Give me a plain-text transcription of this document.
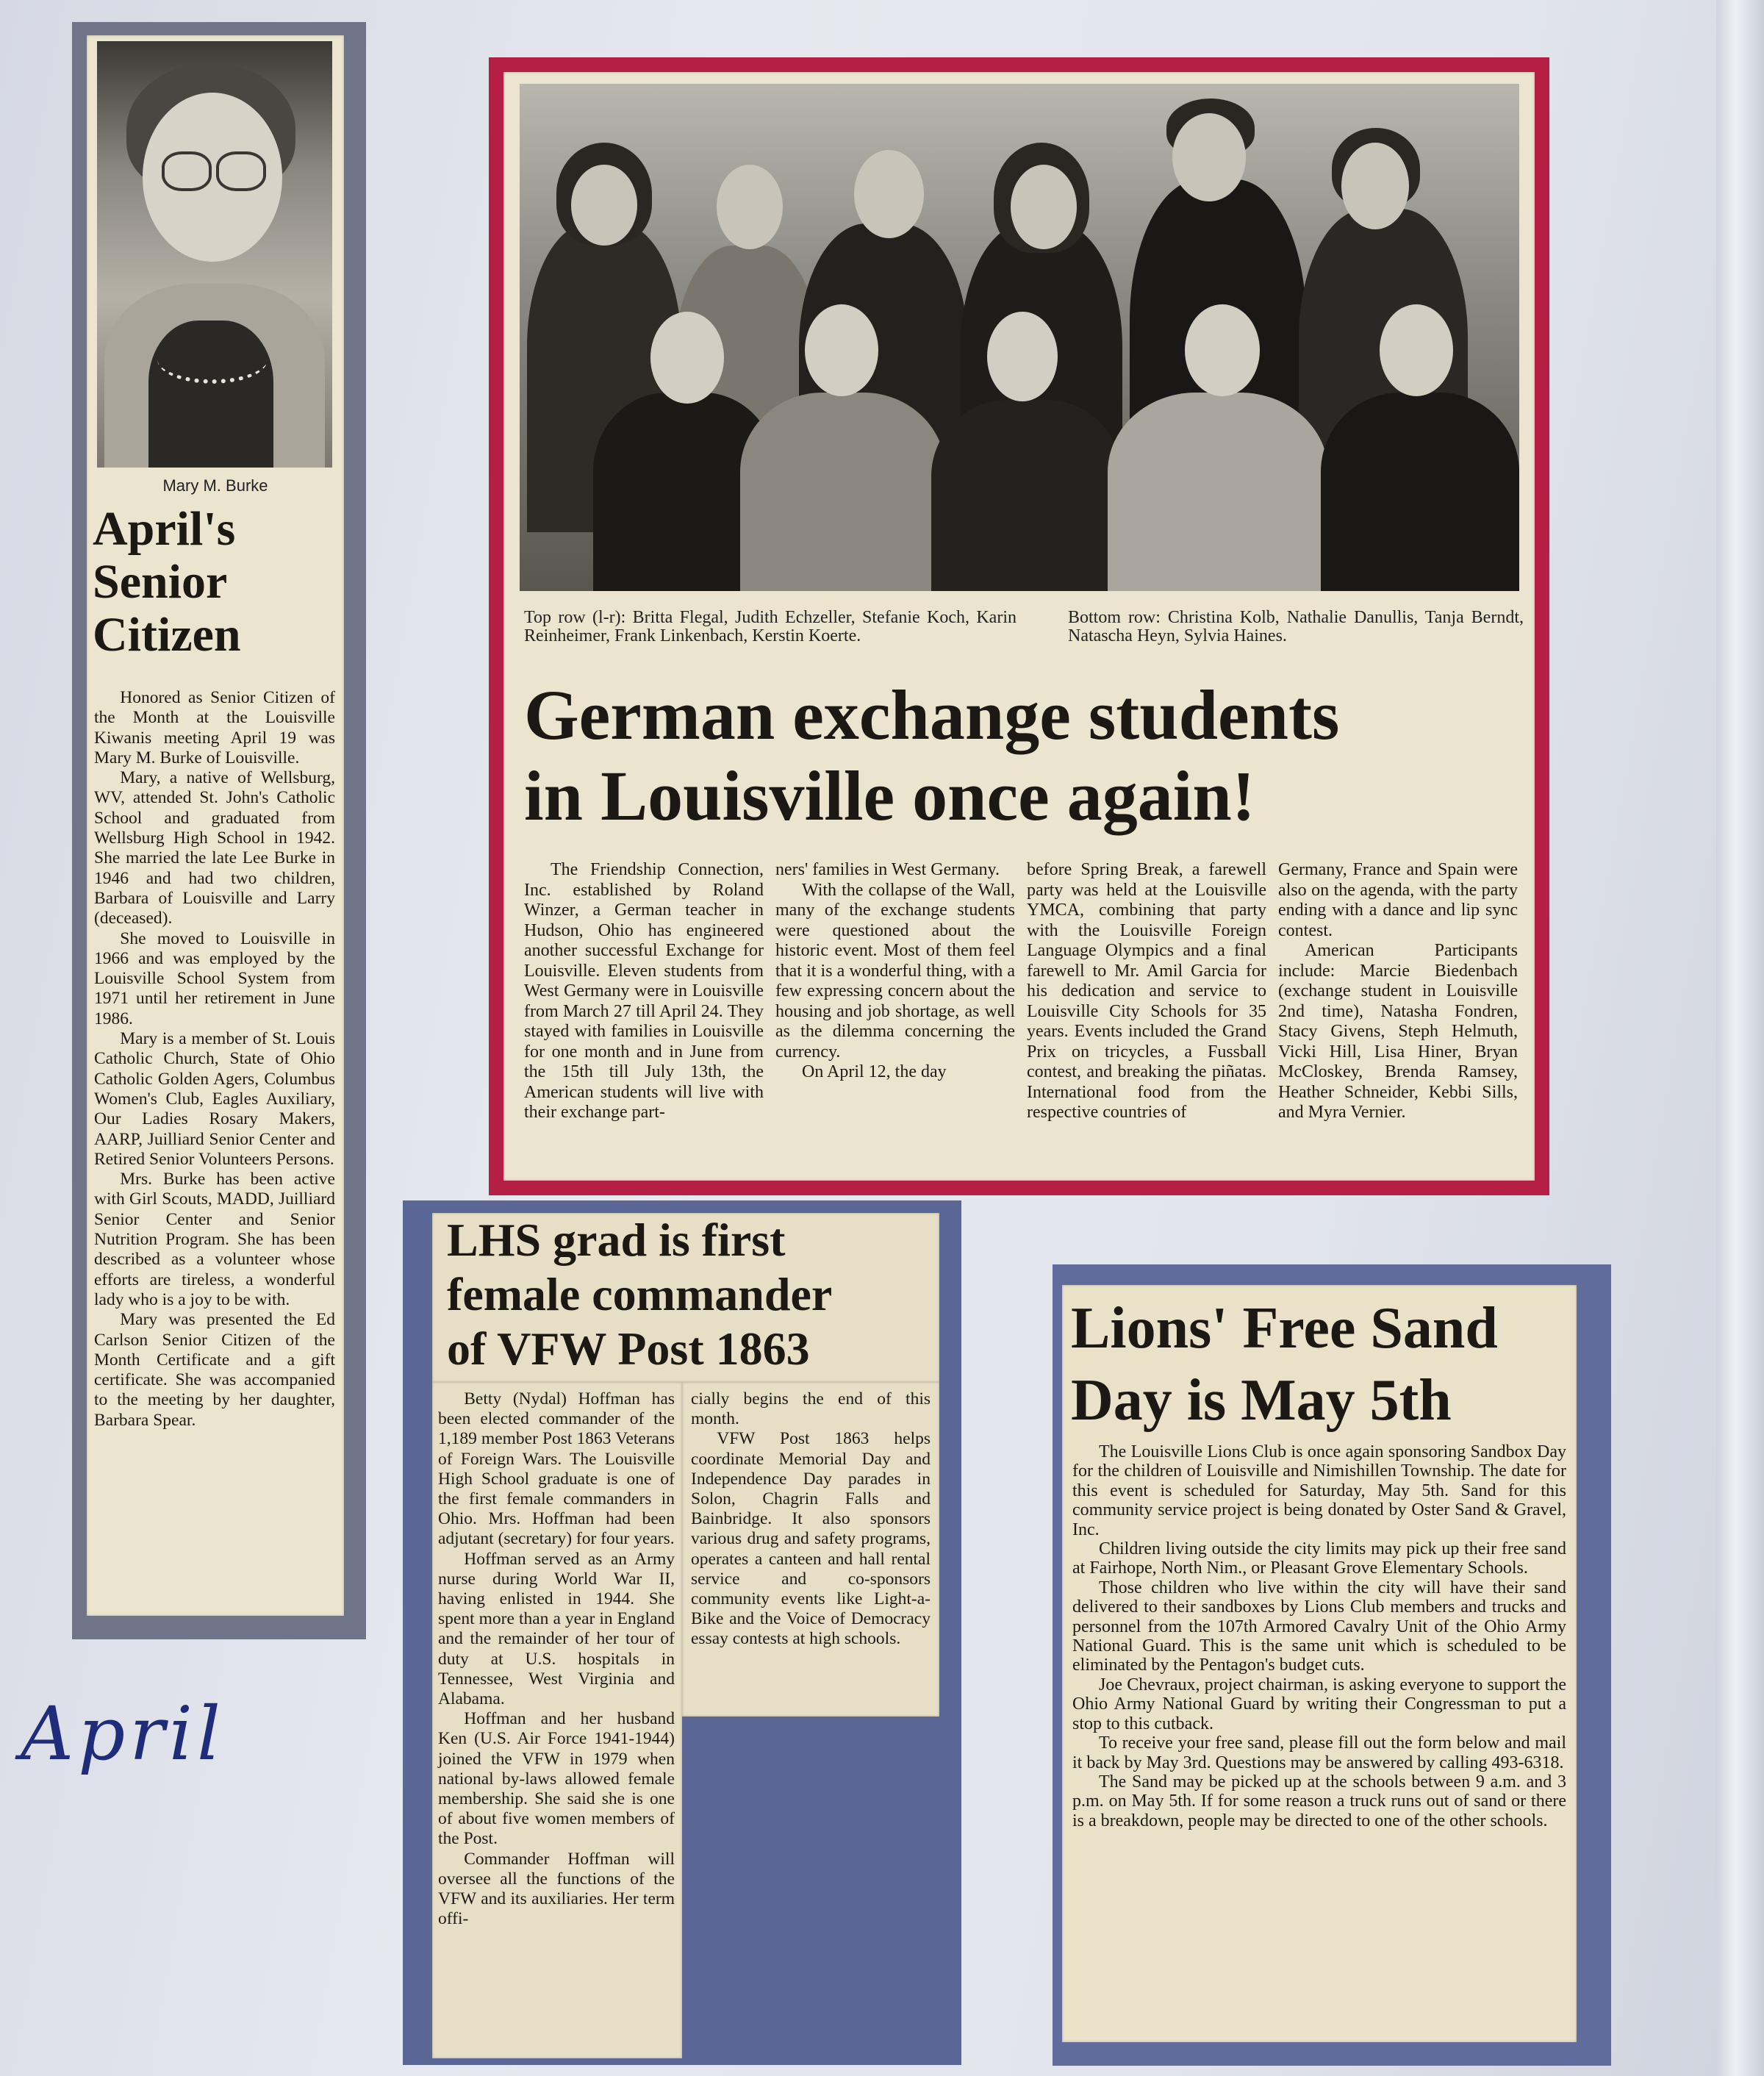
Mary M. Burke
April's
Senior
Citizen

Honored as Senior Citizen of the Month at the Louisville Kiwanis meeting April 19 was Mary M. Burke of Louisville.

Mary, a native of Wellsburg, WV, attended St. John's Catholic School and graduated from Wellsburg High School in 1942. She married the late Lee Burke in 1946 and had two children, Barbara of Louisville and Larry (deceased).

She moved to Louisville in 1966 and was employed by the Louisville School System from 1971 until her retirement in June 1986.

Mary is a member of St. Louis Catholic Church, State of Ohio Catholic Golden Agers, Columbus Women's Club, Eagles Auxiliary, Our Ladies Rosary Makers, AARP, Juilliard Senior Center and Retired Senior Volunteers Persons.

Mrs. Burke has been active with Girl Scouts, MADD, Juilliard Senior Center and Senior Nutrition Program. She has been described as a volunteer whose efforts are tireless, a wonderful lady who is a joy to be with.

Mary was presented the Ed Carlson Senior Citizen of the Month Certificate and a gift certificate. She was accompanied to the meeting by her daughter, Barbara Spear.

April
Top row (l-r): Britta Flegal, Judith Echzeller, Stefanie Koch, Karin Reinheimer, Frank Linkenbach, Kerstin Koerte.
Bottom row: Christina Kolb, Nathalie Danullis, Tanja Berndt, Natascha Heyn, Sylvia Haines.
German exchange students
in Louisville once again!

The Friendship Connection, Inc. established by Roland Winzer, a German teacher in Hudson, Ohio has engineered another successful Exchange for Louisville. Eleven students from West Germany were in Louisville from March 27 till April 24. They stayed with families in Louisville for one month and in June from the 15th till July 13th, the American students will live with their exchange part-

ners' families in West Germany.

With the collapse of the Wall, many of the exchange students were questioned about the historic event. Most of them feel that it is a wonderful thing, with a few expressing concern about the housing and job shortage, as well as the dilemma concerning the currency.

On April 12, the day

before Spring Break, a farewell party was held at the Louisville YMCA, combining that party with the Louisville Foreign Language Olympics and a final farewell to Mr. Amil Garcia for his dedication and service to Louisville City Schools for 35 years. Events included the Grand Prix on tricycles, a Fussball contest, and breaking the piñatas. International food from the respective countries of

Germany, France and Spain were also on the agenda, with the party ending with a dance and lip sync contest.

American Participants include: Marcie Biedenbach (exchange student in Louisville 2nd time), Natasha Fondren, Stacy Givens, Steph Helmuth, Vicki Hill, Lisa Hiner, Bryan McCloskey, Brenda Ramsey, Heather Schneider, Kebbi Sills, and Myra Vernier.

LHS grad is first
female commander
of VFW Post 1863

Betty (Nydal) Hoffman has been elected commander of the 1,189 member Post 1863 Veterans of Foreign Wars. The Louisville High School graduate is one of the first female commanders in Ohio. Mrs. Hoffman had been adjutant (secretary) for four years.

Hoffman served as an Army nurse during World War II, having enlisted in 1944. She spent more than a year in England and the remainder of her tour of duty at U.S. hospitals in Tennessee, West Virginia and Alabama.

Hoffman and her husband Ken (U.S. Air Force 1941-1944) joined the VFW in 1979 when national by-laws allowed female membership. She said she is one of about five women members of the Post.

Commander Hoffman will oversee all the functions of the VFW and its auxiliaries. Her term offi-

cially begins the end of this month.

VFW Post 1863 helps coordinate Memorial Day and Independence Day parades in Solon, Chagrin Falls and Bainbridge. It also sponsors various drug and safety programs, operates a canteen and hall rental service and co-sponsors community events like Light-a-Bike and the Voice of Democracy essay contests at high schools.

Lions' Free Sand
Day is May 5th

The Louisville Lions Club is once again sponsoring Sandbox Day for the children of Louisville and Nimishillen Township. The date for this event is scheduled for Saturday, May 5th. Sand for this community service project is being donated by Oster Sand & Gravel, Inc.

Children living outside the city limits may pick up their free sand at Fairhope, North Nim., or Pleasant Grove Elementary Schools.

Those children who live within the city will have their sand delivered to their sandboxes by Lions Club members and trucks and personnel from the 107th Armored Cavalry Unit of the Ohio Army National Guard. This is the same unit which is scheduled to be eliminated by the Pentagon's budget cuts.

Joe Chevraux, project chairman, is asking everyone to support the Ohio Army National Guard by writing their Congressman to put a stop to this cutback.

To receive your free sand, please fill out the form below and mail it back by May 3rd. Questions may be answered by calling 493-6318.

The Sand may be picked up at the schools between 9 a.m. and 3 p.m. on May 5th. If for some reason a truck runs out of sand or there is a breakdown, people may be directed to one of the other schools.
